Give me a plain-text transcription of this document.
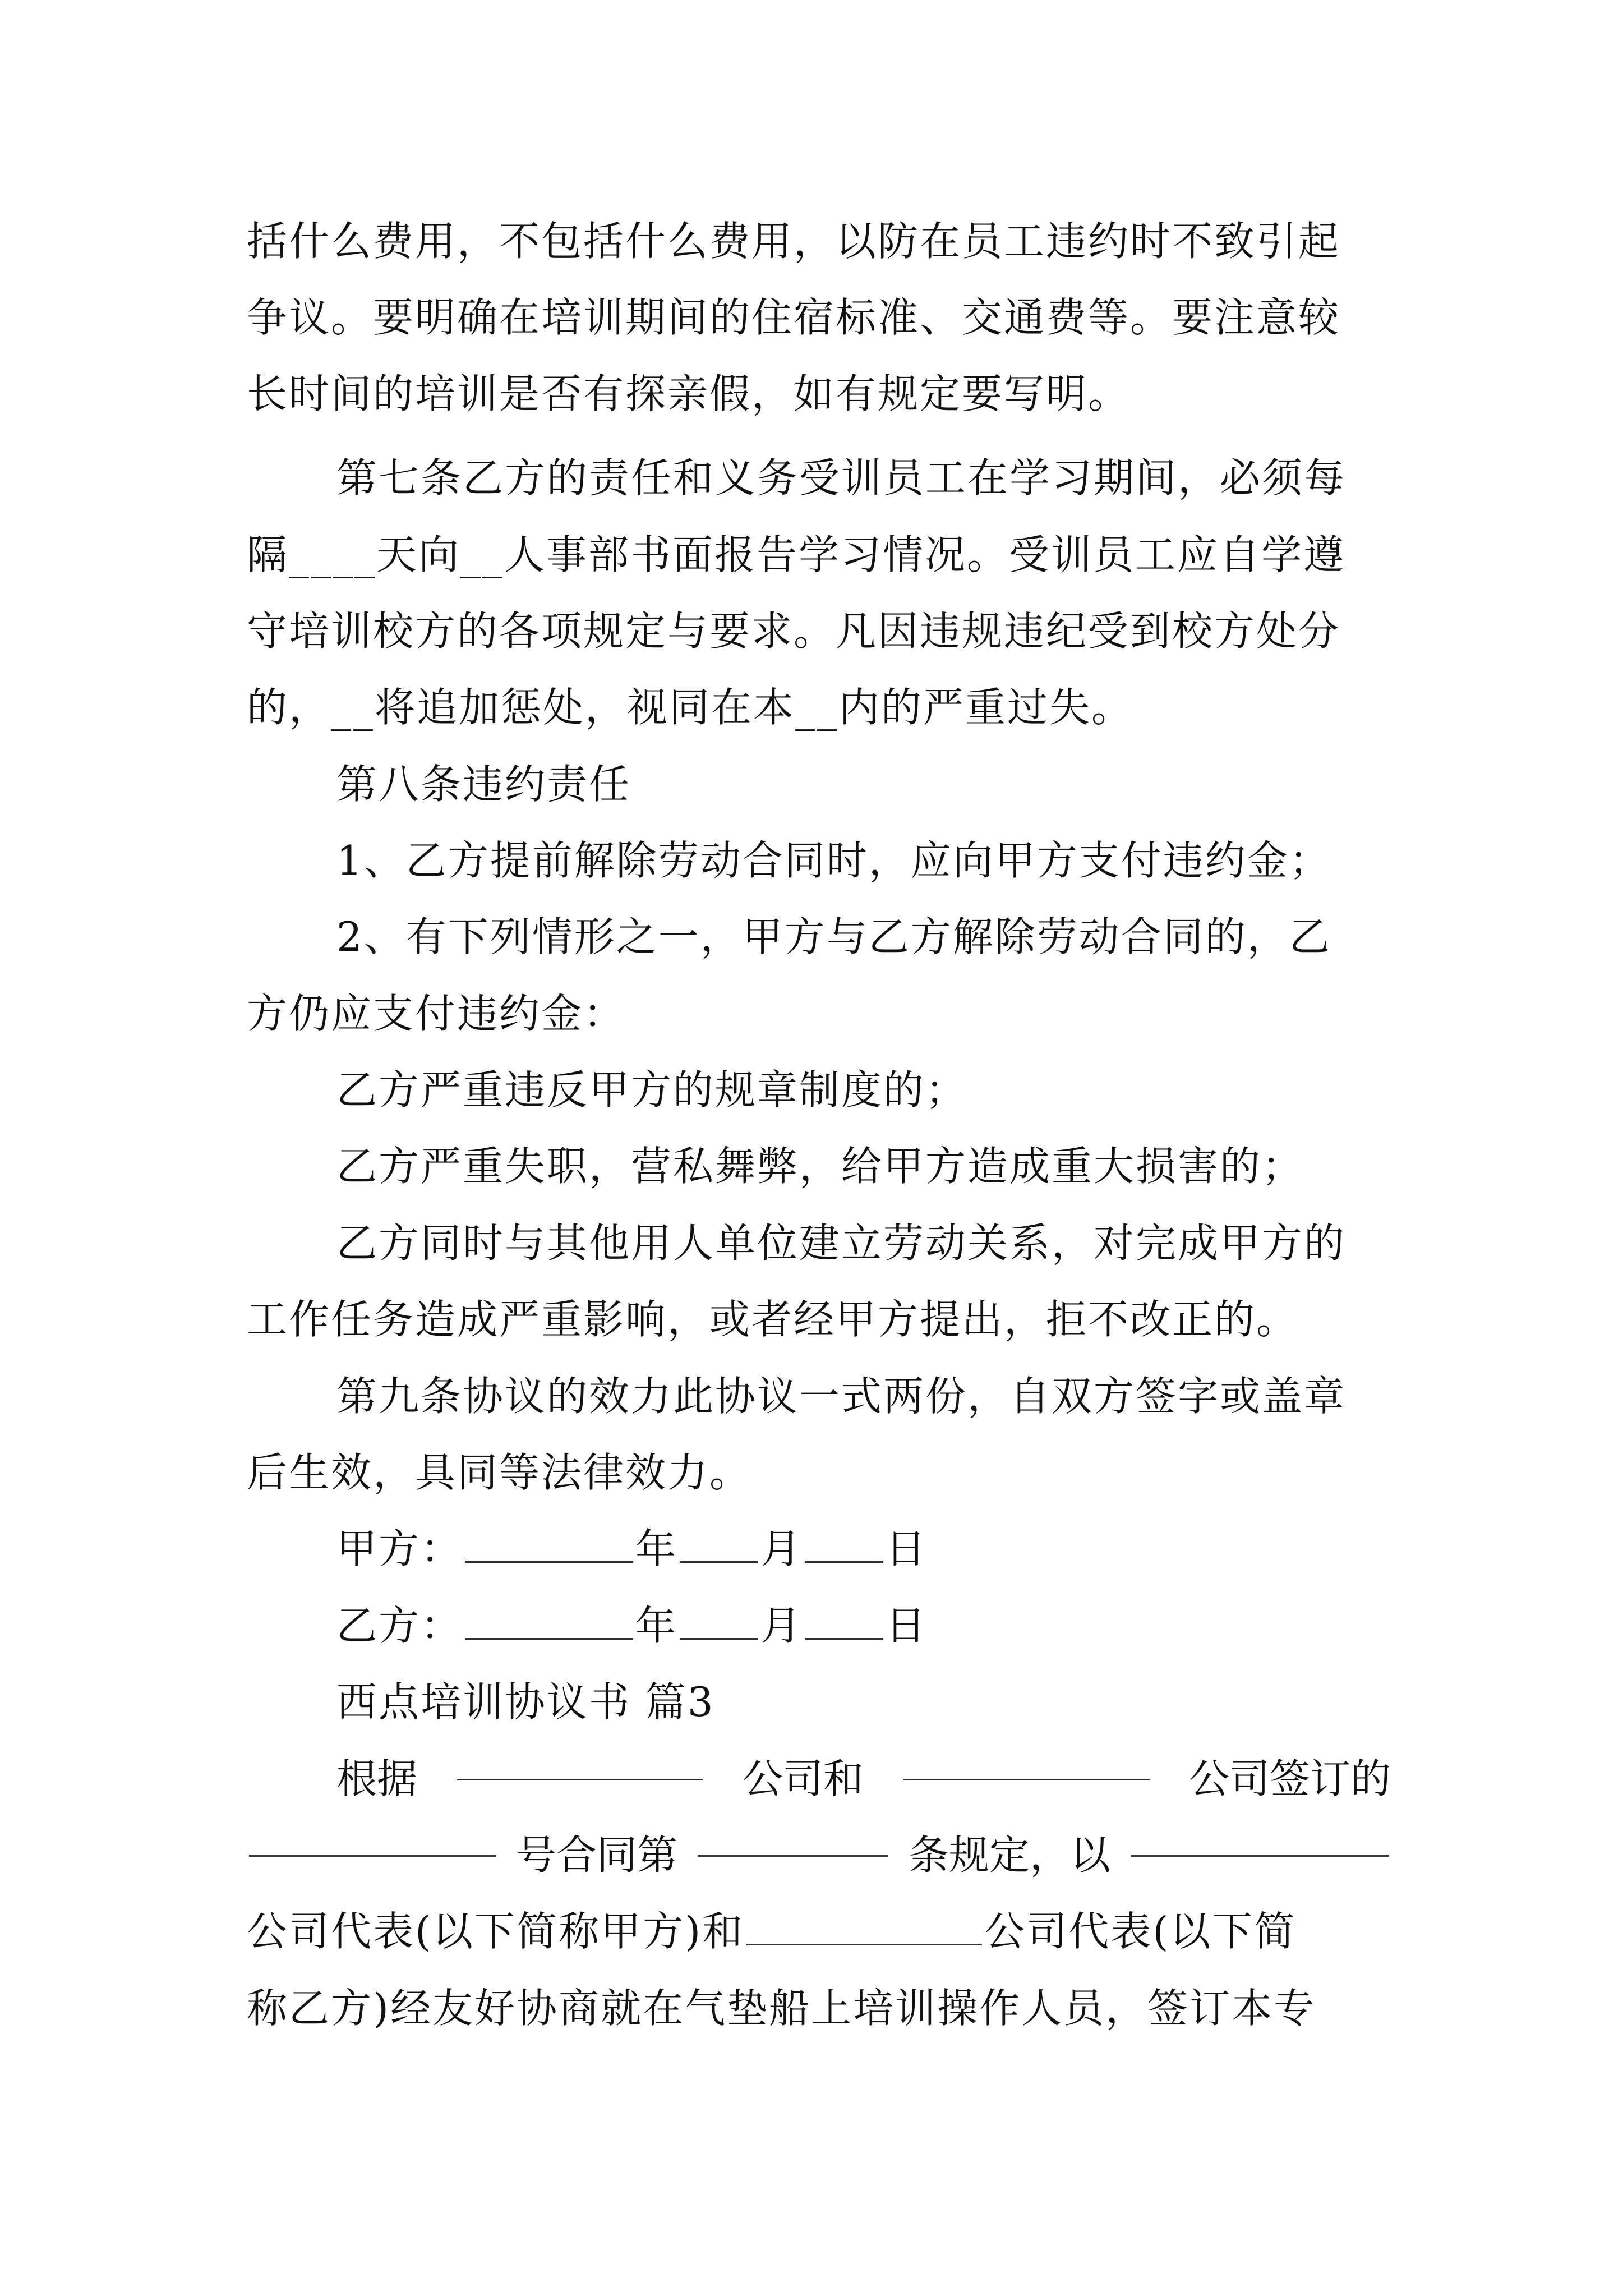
括什么费用，不包括什么费用，以防在员工违约时不致引起
争议。要明确在培训期间的住宿标准、交通费等。要注意较
长时间的培训是否有探亲假，如有规定要写明。
第七条乙方的责任和义务受训员工在学习期间，必须每
隔____天向__人事部书面报告学习情况。受训员工应自学遵
守培训校方的各项规定与要求。凡因违规违纪受到校方处分
的，__将追加惩处，视同在本__内的严重过失。
第八条违约责任
1、乙方提前解除劳动合同时，应向甲方支付违约金；
2、有下列情形之一，甲方与乙方解除劳动合同的，乙
方仍应支付违约金：
乙方严重违反甲方的规章制度的；
乙方严重失职，营私舞弊，给甲方造成重大损害的；
乙方同时与其他用人单位建立劳动关系，对完成甲方的
工作任务造成严重影响，或者经甲方提出，拒不改正的。
第九条协议的效力此协议一式两份，自双方签字或盖章
后生效，具同等法律效力。
甲方：	年 月 日
乙方：	年 月 日
西点培训协议书 篇3
根据	公司和	公司签订的
号合同第	条规定，以
公司代表(以下简称甲方)和	公司代表(以下简
称乙方)经友好协商就在气垫船上培训操作人员，签订本专
